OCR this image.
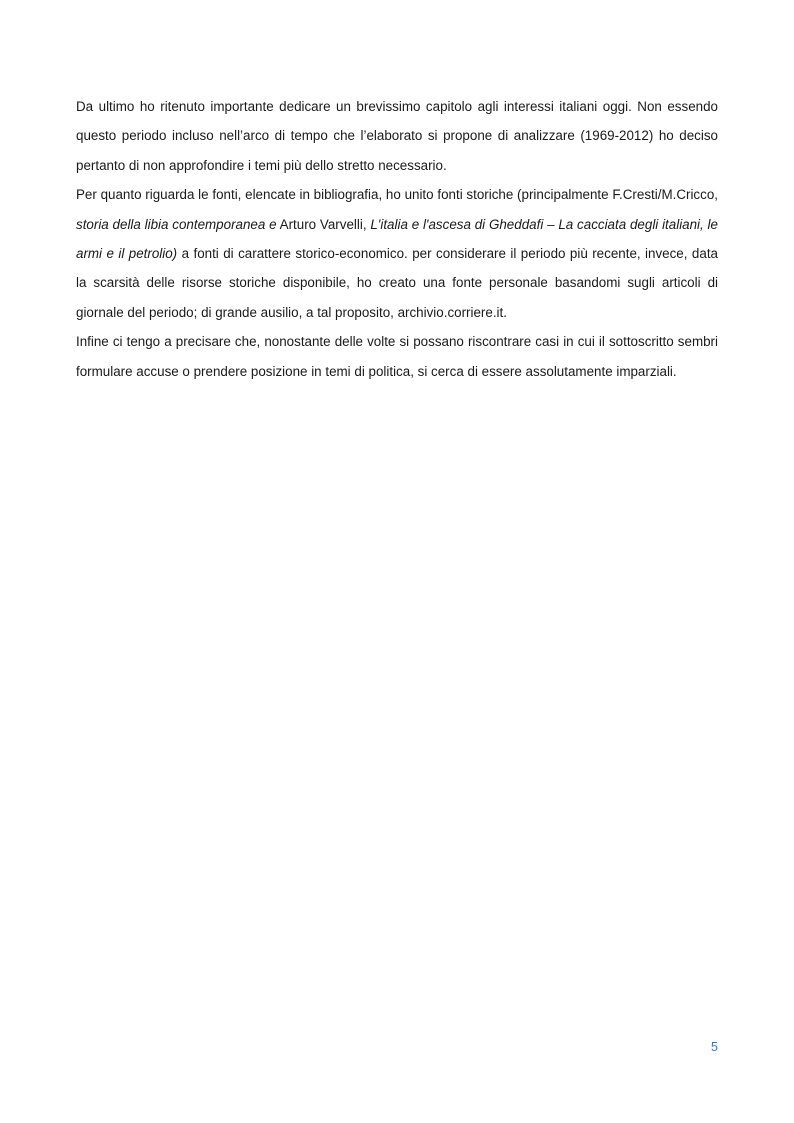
Da ultimo ho ritenuto importante dedicare un brevissimo capitolo agli interessi italiani oggi. Non essendo questo periodo incluso nell’arco di tempo che l’elaborato si propone di analizzare (1969-2012) ho deciso pertanto di non approfondire i temi più dello stretto necessario.

Per quanto riguarda le fonti, elencate in bibliografia, ho unito fonti storiche (principalmente F.Cresti/M.Cricco, storia della libia contemporanea e Arturo Varvelli, L'italia e l'ascesa di Gheddafi – La cacciata degli italiani, le armi e il petrolio) a fonti di carattere storico-economico. per considerare il periodo più recente, invece, data la scarsità delle risorse storiche disponibile, ho creato una fonte personale basandomi sugli articoli di giornale del periodo; di grande ausilio, a tal proposito, archivio.corriere.it.

Infine ci tengo a precisare che, nonostante delle volte si possano riscontrare casi in cui il sottoscritto sembri formulare accuse o prendere posizione in temi di politica, si cerca di essere assolutamente imparziali.

5
